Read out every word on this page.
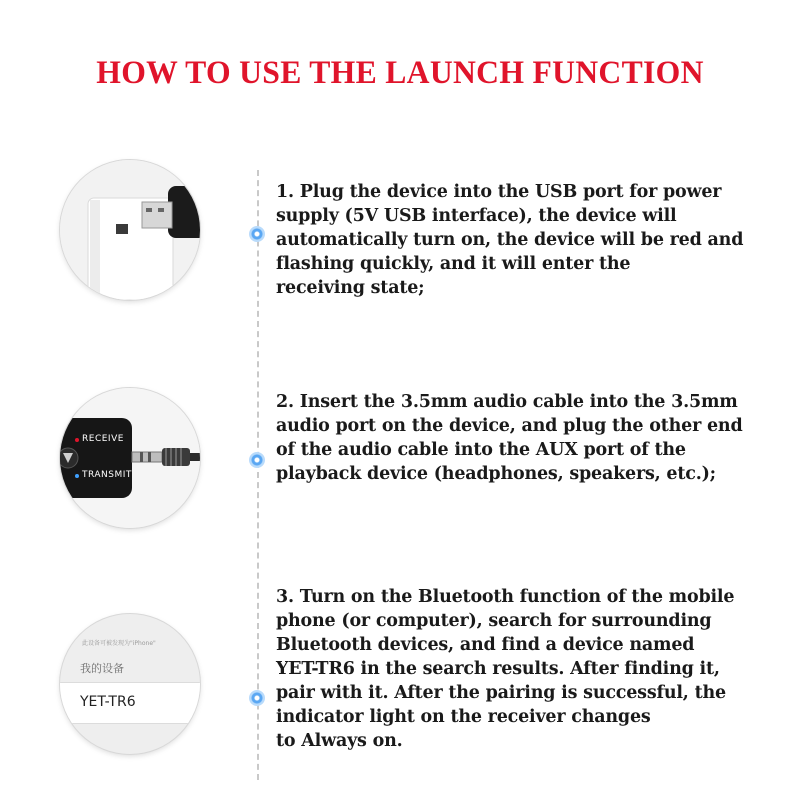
HOW TO USE THE LAUNCH FUNCTION
RECEIVE
TRANSMIT
此设备可被发现为"iPhone"
我的设备
YET-TR6
1. Plug the device into the USB port for power
supply (5V USB interface), the device will
automatically turn on, the device will be red and
flashing quickly, and it will enter the
receiving state;
2. Insert the 3.5mm audio cable into the 3.5mm
audio port on the device, and plug the other end
of the audio cable into the AUX port of the
playback device (headphones, speakers, etc.);
3. Turn on the Bluetooth function of the mobile
phone (or computer), search for surrounding
Bluetooth devices, and find a device named
YET-TR6 in the search results. After finding it,
pair with it. After the pairing is successful, the
indicator light on the receiver changes
to Always on.
